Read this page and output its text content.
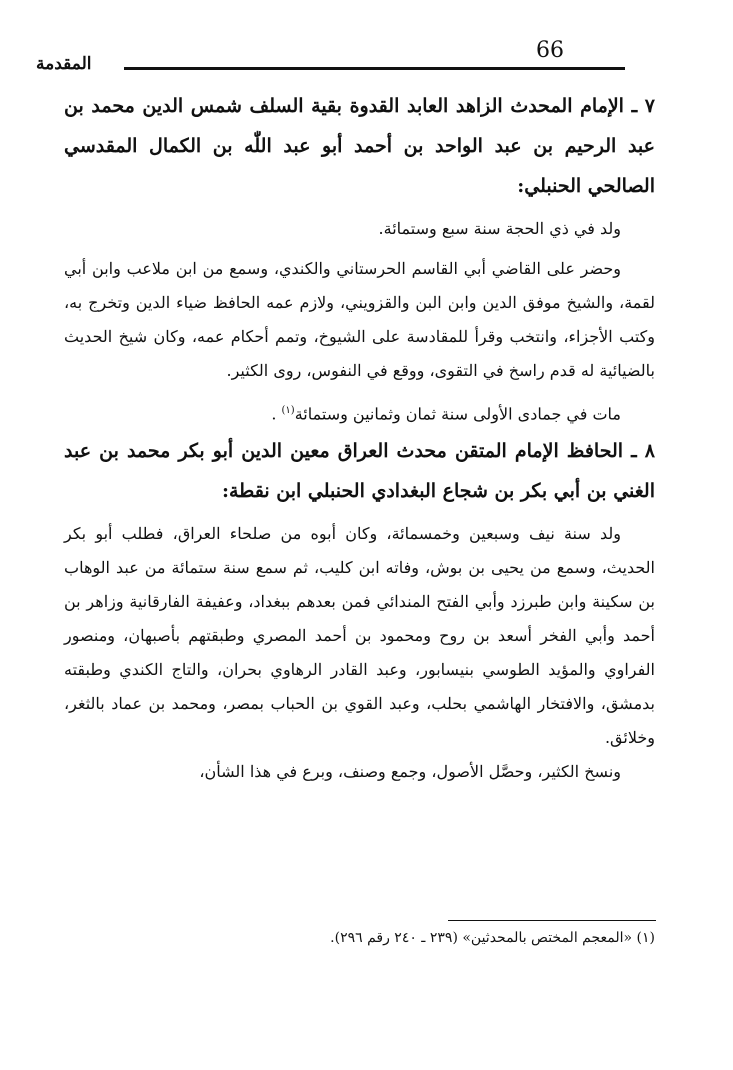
المقدمة
66

٧ ـ الإمام المحدث الزاهد العابد القدوة بقية السلف شمس الدين محمد بن عبد الرحيم بن عبد الواحد بن أحمد أبو عبد اللّٰه بن الكمال المقدسي الصالحي الحنبلي:

ولد في ذي الحجة سنة سبع وستمائة.

وحضر على القاضي أبي القاسم الحرستاني والكندي، وسمع من ابن ملاعب وابن أبي لقمة، والشيخ موفق الدين وابن البن والقزويني، ولازم عمه الحافظ ضياء الدين وتخرج به، وكتب الأجزاء، وانتخب وقرأ للمقادسة على الشيوخ، وتمم أحكام عمه، وكان شيخ الحديث بالضيائية له قدم راسخ في التقوى، ووقع في النفوس، روى الكثير.

مات في جمادى الأولى سنة ثمان وثمانين وستمائة$^{(١)}$ .

٨ ـ الحافظ الإمام المتقن محدث العراق معين الدين أبو بكر محمد بن عبد الغني بن أبي بكر بن شجاع البغدادي الحنبلي ابن نقطة:

ولد سنة نيف وسبعين وخمسمائة، وكان أبوه من صلحاء العراق، فطلب أبو بكر الحديث، وسمع من يحيى بن بوش، وفاته ابن كليب، ثم سمع سنة ستمائة من عبد الوهاب بن سكينة وابن طبرزد وأبي الفتح المندائي فمن بعدهم ببغداد، وعفيفة الفارقانية وزاهر بن أحمد وأبي الفخر أسعد بن روح ومحمود بن أحمد المصري وطبقتهم بأصبهان، ومنصور الفراوي والمؤيد الطوسي بنيسابور، وعبد القادر الرهاوي بحران، والتاج الكندي وطبقته بدمشق، والافتخار الهاشمي بحلب، وعبد القوي بن الحباب بمصر، ومحمد بن عماد بالثغر، وخلائق.

ونسخ الكثير، وحصَّل الأصول، وجمع وصنف، وبرع في هذا الشأن،

(١) «المعجم المختص بالمحدثين» (٢٣٩ ـ ٢٤٠ رقم ٢٩٦).
